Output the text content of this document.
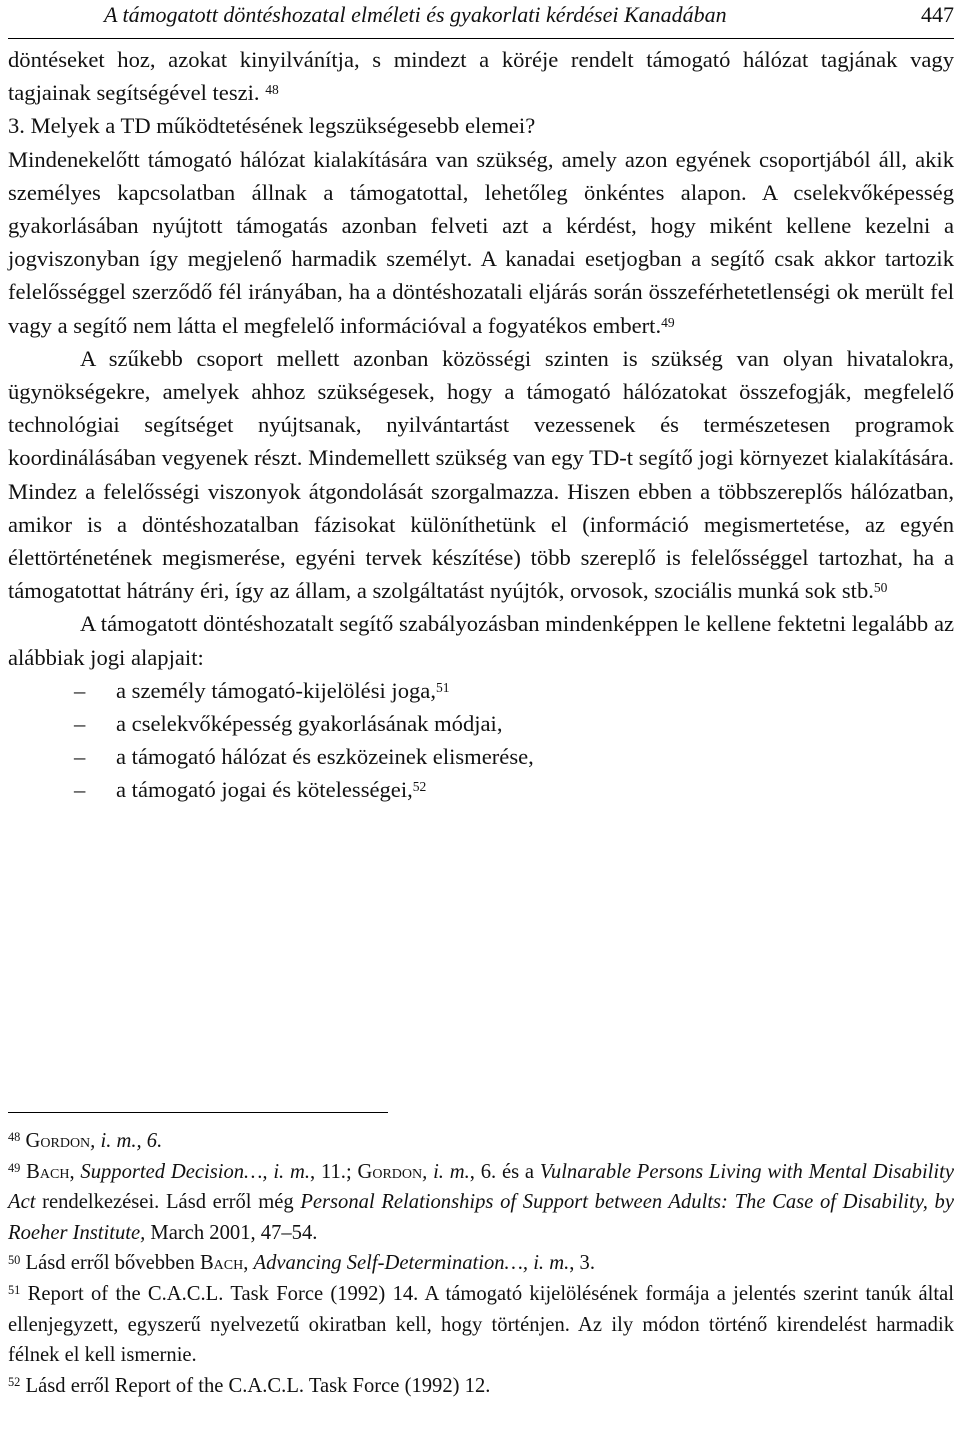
A támogatott döntéshozatal elméleti és gyakorlati kérdései Kanadában	447

döntéseket hoz, azokat kinyilvánítja, s mindezt a köréje rendelt támogató hálózat tagjának vagy tagjainak segítségével teszi. $^{48}$

3. Melyek a TD működtetésének legszükségesebb elemei?

Mindenekelőtt támogató hálózat kialakítására van szükség, amely azon egyének csoportjából áll, akik személyes kapcsolatban állnak a támogatottal, lehetőleg önkéntes alapon. A cselekvőképesség gyakorlásában nyújtott támogatás azonban felveti azt a kérdést, hogy miként kellene kezelni a jogviszonyban így megjelenő harmadik személyt. A kanadai esetjogban a segítő csak akkor tartozik felelősséggel szerződő fél irányában, ha a döntéshozatali eljárás során összeférhetetlenségi ok merült fel vagy a segítő nem látta el megfelelő információval a fogyatékos embert.$^{49}$

A szűkebb csoport mellett azonban közösségi szinten is szükség van olyan hivatalokra, ügynökségekre, amelyek ahhoz szükségesek, hogy a támogató hálózatokat összefogják, megfelelő technológiai segítséget nyújtsanak, nyilvántartást vezessenek és természetesen programok koordinálásában vegyenek részt. Mindemellett szükség van egy TD-t segítő jogi környezet kialakítására. Mindez a felelősségi viszonyok átgondolását szorgalmazza. Hiszen ebben a többszereplős hálózatban, amikor is a döntéshozatalban fázisokat különíthetünk el (információ megismertetése, az egyén élettörténetének megismerése, egyéni tervek készítése) több szereplő is felelősséggel tartozhat, ha a támogatottat hátrány éri, így az állam, a szolgáltatást nyújtók, orvosok, szociális munká sok stb.$^{50}$

A támogatott döntéshozatalt segítő szabályozásban mindenképpen le kellene fektetni legalább az alábbiak jogi alapjait:

– a személy támogató-kijelölési joga,$^{51}$
– a cselekvőképesség gyakorlásának módjai,
– a támogató hálózat és eszközeinek elismerése,
– a támogató jogai és kötelességei,$^{52}$

$^{48}$ Gordon, i. m., 6.

$^{49}$ Bach, Supported Decision…, i. m., 11.; Gordon, i. m., 6. és a Vulnarable Persons Living with Mental Disability Act rendelkezései. Lásd erről még Personal Relationships of Support between Adults: The Case of Disability, by Roeher Institute, March 2001, 47–54.

$^{50}$ Lásd erről bővebben Bach, Advancing Self-Determination…, i. m., 3.

$^{51}$ Report of the C.A.C.L. Task Force (1992) 14. A támogató kijelölésének formája a jelentés szerint tanúk által ellenjegyzett, egyszerű nyelvezetű okiratban kell, hogy történjen. Az ily módon történő kirendelést harmadik félnek el kell ismernie.

$^{52}$ Lásd erről Report of the C.A.C.L. Task Force (1992) 12.
